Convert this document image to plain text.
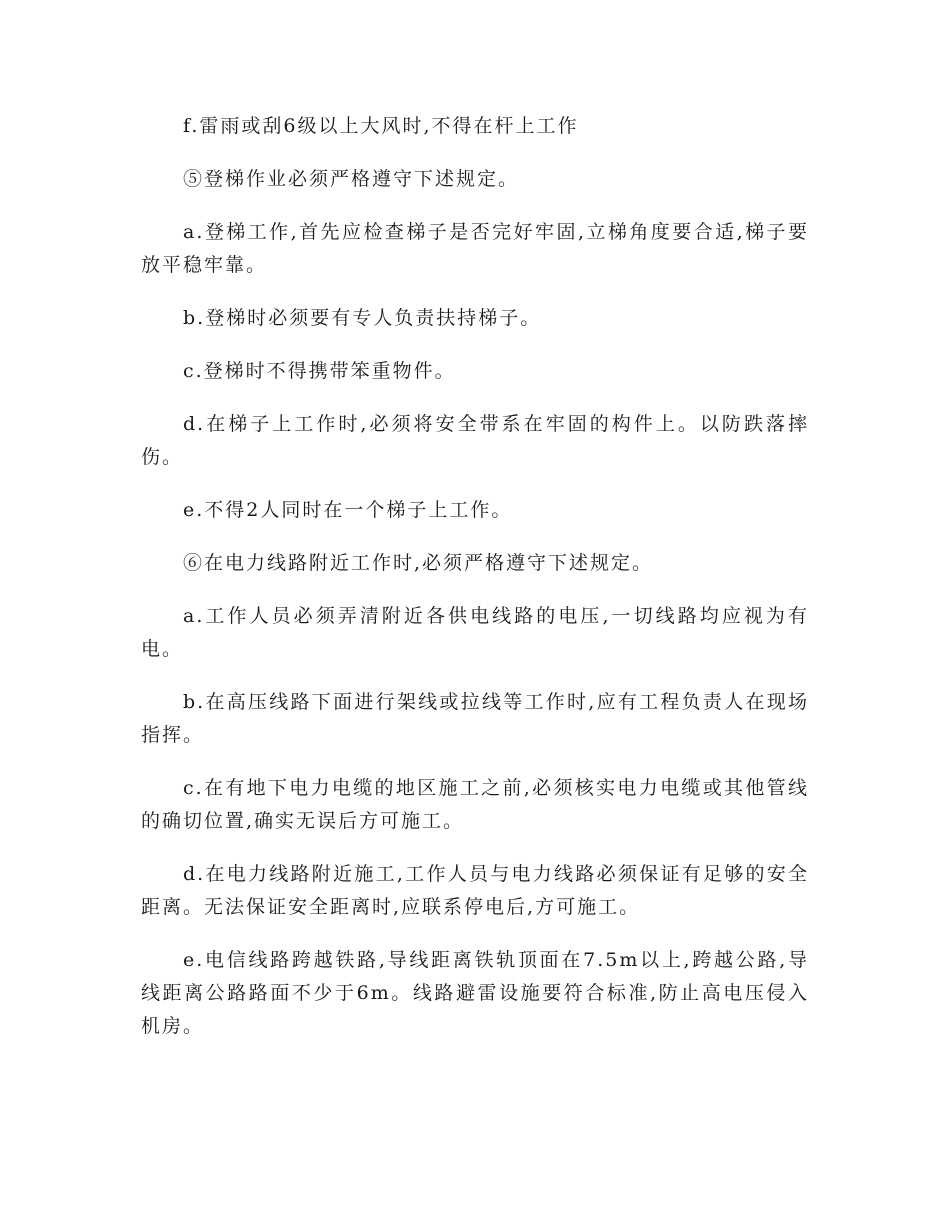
f.雷雨或刮6级以上大风时,不得在杆上工作

⑤登梯作业必须严格遵守下述规定。

a.登梯工作,首先应检查梯子是否完好牢固,立梯角度要合适,梯子要放平稳牢靠。

b.登梯时必须要有专人负责扶持梯子。

c.登梯时不得携带笨重物件。

d.在梯子上工作时,必须将安全带系在牢固的构件上。以防跌落摔伤。

e.不得2人同时在一个梯子上工作。

⑥在电力线路附近工作时,必须严格遵守下述规定。

a.工作人员必须弄清附近各供电线路的电压,一切线路均应视为有电。

b.在高压线路下面进行架线或拉线等工作时,应有工程负责人在现场指挥。

c.在有地下电力电缆的地区施工之前,必须核实电力电缆或其他管线的确切位置,确实无误后方可施工。

d.在电力线路附近施工,工作人员与电力线路必须保证有足够的安全距离。无法保证安全距离时,应联系停电后,方可施工。

e.电信线路跨越铁路,导线距离铁轨顶面在7.5m以上,跨越公路,导线距离公路路面不少于6m。线路避雷设施要符合标准,防止高电压侵入机房。
